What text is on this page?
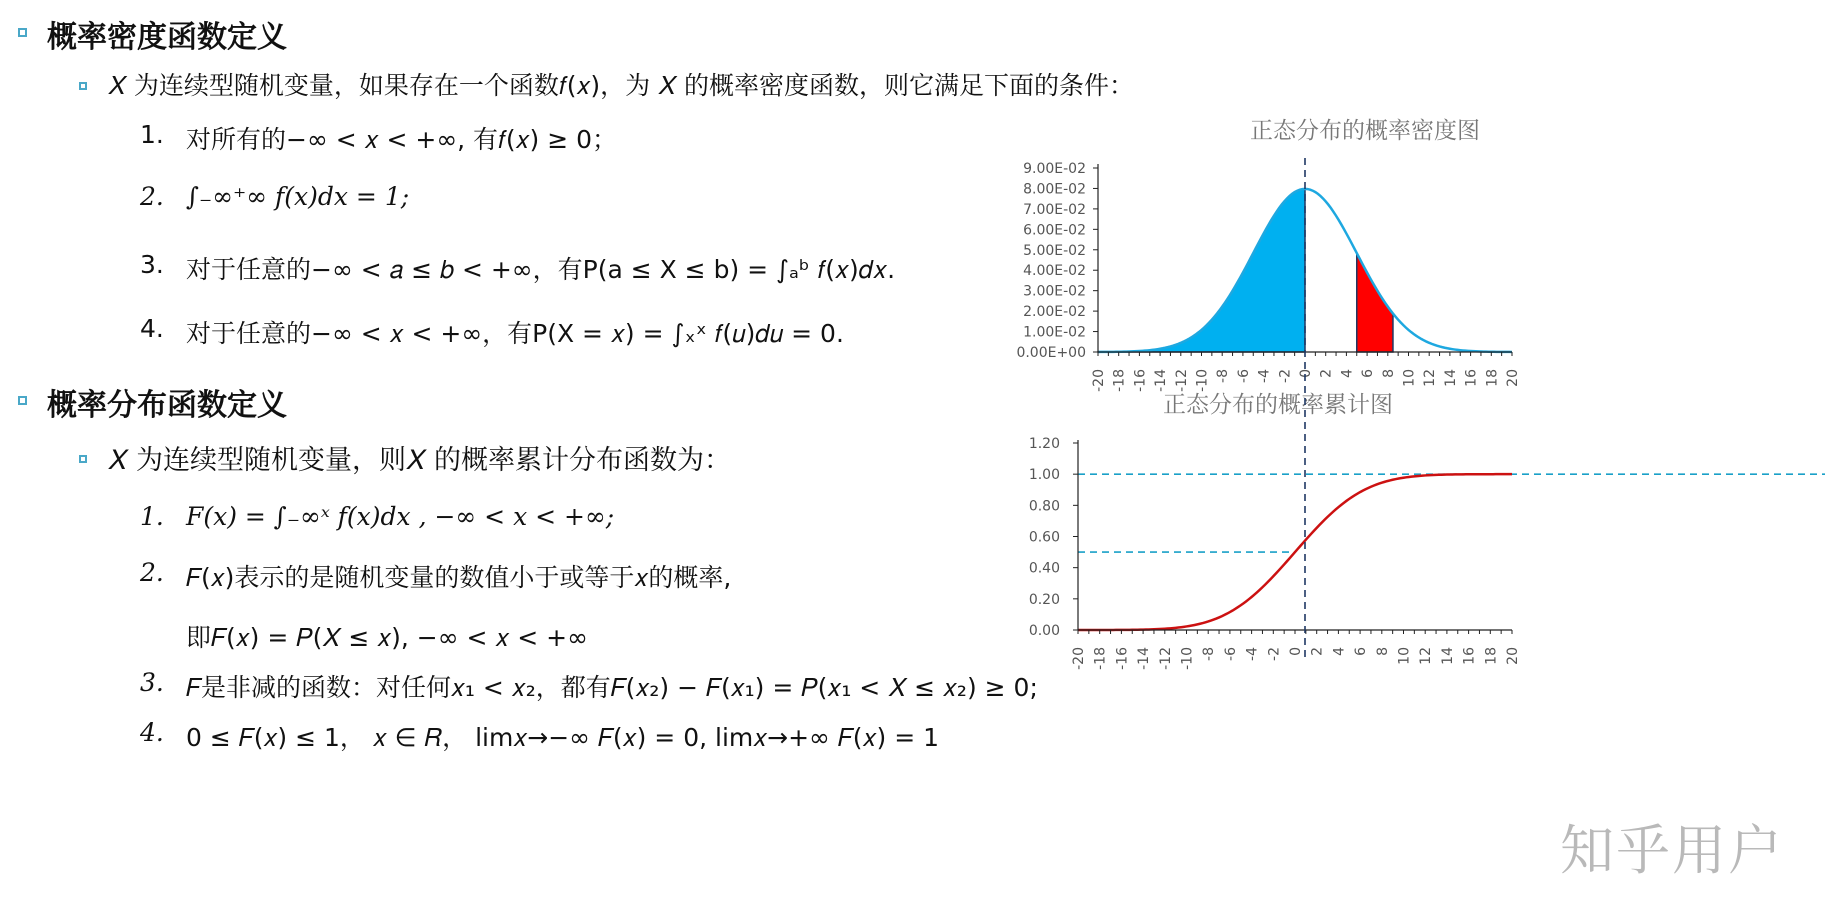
概率密度函数定义
𝑋 为连续型随机变量，如果存在一个函数𝑓(𝑥)，为 𝑋 的概率密度函数，则它满足下面的条件：
1. 对所有的−∞ < 𝑥 < +∞, 有𝑓(𝑥) ≥ 0；
2. ∫₋∞⁺∞ 𝑓(𝑥)𝑑𝑥 = 1;
3. 对于任意的−∞ < 𝑎 ≤ 𝑏 < +∞，有P(a ≤ X ≤ b) = ∫ₐᵇ 𝑓(𝑥)𝑑𝑥.
4. 对于任意的−∞ < 𝑥 < +∞，有P(X = 𝑥) = ∫ₓˣ 𝑓(𝑢)𝑑𝑢 = 0.
概率分布函数定义
𝑋 为连续型随机变量，则𝑋 的概率累计分布函数为：
1. 𝐹(𝑥) = ∫₋∞ˣ 𝑓(𝑥)𝑑𝑥 , −∞ < 𝑥 < +∞;
2. 𝐹(𝑥)表示的是随机变量的数值小于或等于𝑥的概率,
即𝐹(𝑥) = 𝑃(𝑋 ≤ 𝑥), −∞ < 𝑥 < +∞
3. 𝐹是非减的函数：对任何𝑥₁ < 𝑥₂，都有𝐹(𝑥₂) − 𝐹(𝑥₁) = 𝑃(𝑥₁ < 𝑋 ≤ 𝑥₂) ≥ 0;
4. 0 ≤ 𝐹(𝑥) ≤ 1， 𝑥 ∈ 𝑅， lim𝑥→−∞ 𝐹(𝑥) = 0, lim𝑥→+∞ 𝐹(𝑥) = 1
正态分布的概率密度图
0.00E+00
1.00E-02
2.00E-02
3.00E-02
4.00E-02
5.00E-02
6.00E-02
7.00E-02
8.00E-02
9.00E-02
-20 -18 -16 -14 -12 -10 -8 -6 -4 -2 0 2 4 6 8 10 12 14 16 18 20
正态分布的概率累计图
0.00
0.20
0.40
0.60
0.80
1.00
1.20
-20 -18 -16 -14 -12 -10 -8 -6 -4 -2 0 2 4 6 8 10 12 14 16 18 20
知乎用户
